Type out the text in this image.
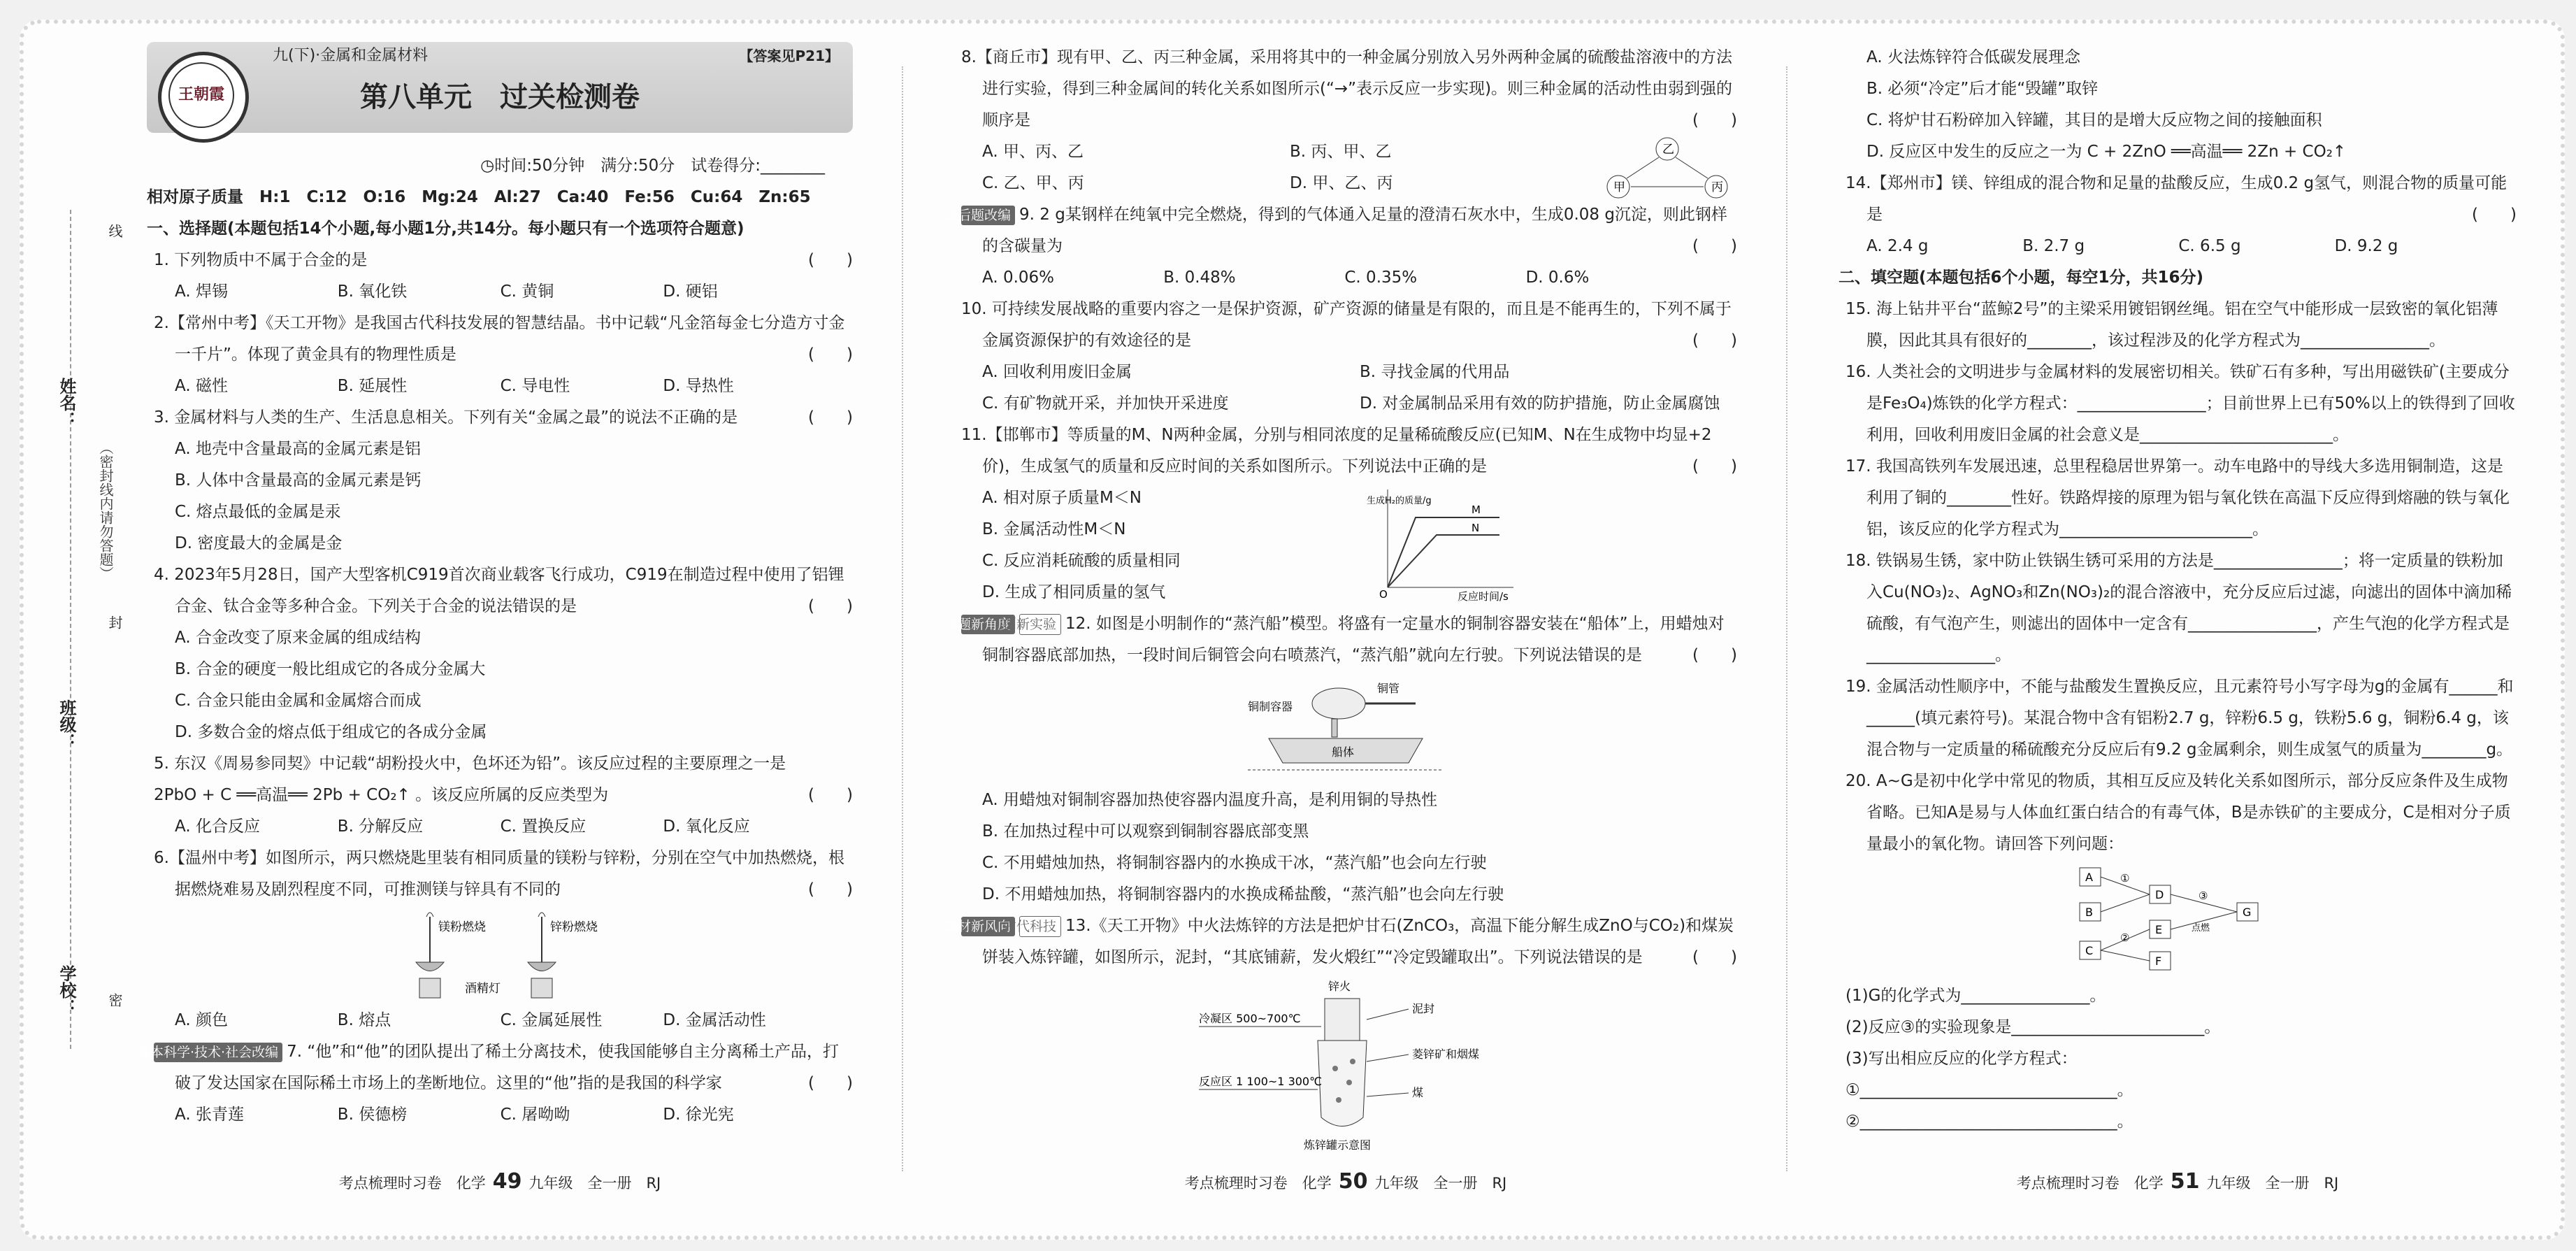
学校：
班级：
姓名：
线
封
密
（密封线内请勿答题）
王朝霞
九(下)·金属和金属材料	【答案见P21】
第八单元　过关检测卷
◷时间:50分钟　满分:50分　试卷得分:________
相对原子质量　H:1　C:12　O:16　Mg:24　Al:27　Ca:40　Fe:56　Cu:64　Zn:65
一、选择题(本题包括14个小题,每小题1分,共14分。每小题只有一个选项符合题意)

1. 下列物质中不属于合金的是	(　　)

A. 焊锡	B. 氧化铁	C. 黄铜	D. 硬铝

2.【常州中考】《天工开物》是我国古代科技发展的智慧结晶。书中记载“凡金箔每金七分造方寸金一千片”。体现了黄金具有的物理性质是	(　　)

A. 磁性	B. 延展性	C. 导电性	D. 导热性

3. 金属材料与人类的生产、生活息息相关。下列有关“金属之最”的说法不正确的是	(　　)

A. 地壳中含量最高的金属元素是铝
B. 人体中含量最高的金属元素是钙
C. 熔点最低的金属是汞
D. 密度最大的金属是金

4. 2023年5月28日，国产大型客机C919首次商业载客飞行成功，C919在制造过程中使用了铝锂合金、钛合金等多种合金。下列关于合金的说法错误的是	(　　)

A. 合金改变了原来金属的组成结构
B. 合金的硬度一般比组成它的各成分金属大
C. 合金只能由金属和金属熔合而成
D. 多数合金的熔点低于组成它的各成分金属

5. 东汉《周易参同契》中记载“胡粉投火中，色坏还为铅”。该反应过程的主要原理之一是

2PbO + C ══高温══ 2Pb + CO₂↑ 。该反应所属的反应类型为	(　　)

A. 化合反应	B. 分解反应	C. 置换反应	D. 氧化反应

6.【温州中考】如图所示，两只燃烧匙里装有相同质量的镁粉与锌粉，分别在空气中加热燃烧，根据燃烧难易及剧烈程度不同，可推测镁与锌具有不同的	(　　)

镁粉燃烧	锌粉燃烧
酒精灯
A. 颜色	B. 熔点	C. 金属延展性	D. 金属活动性

课本科学·技术·社会改编 7. “他”和“他”的团队提出了稀土分离技术，使我国能够自主分离稀土产品，打破了发达国家在国际稀土市场上的垄断地位。这里的“他”指的是我国的科学家	(　　)

A. 张青莲	B. 侯德榜	C. 屠呦呦	D. 徐光宪
考点梳理时习卷　化学 49 九年级　全一册　RJ

8.【商丘市】现有甲、乙、丙三种金属，采用将其中的一种金属分别放入另外两种金属的硫酸盐溶液中的方法进行实验，得到三种金属间的转化关系如图所示(“→”表示反应一步实现)。则三种金属的活动性由弱到强的顺序是	(　　)

A. 甲、丙、乙	B. 丙、甲、乙
C. 乙、甲、丙	D. 甲、乙、丙
乙
甲	丙

课后题改编 9. 2 g某钢样在纯氧中完全燃烧，得到的气体通入足量的澄清石灰水中，生成0.08 g沉淀，则此钢样的含碳量为	(　　)

A. 0.06%	B. 0.48%	C. 0.35%	D. 0.6%

10. 可持续发展战略的重要内容之一是保护资源，矿产资源的储量是有限的，而且是不能再生的，下列不属于金属资源保护的有效途径的是	(　　)

A. 回收利用废旧金属	B. 寻找金属的代用品
C. 有矿物就开采，并加快开采进度	D. 对金属制品采用有效的防护措施，防止金属腐蚀

11.【邯郸市】等质量的M、N两种金属，分别与相同浓度的足量稀硫酸反应(已知M、N在生成物中均显+2价)，生成氢气的质量和反应时间的关系如图所示。下列说法中正确的是	(　　)

A. 相对原子质量M＜N
B. 金属活动性M＜N
C. 反应消耗硫酸的质量相同
D. 生成了相同质量的氢气
生成H₂的质量/g
反应时间/s
O
M
N

设题新角度创新实验 12. 如图是小明制作的“蒸汽船”模型。将盛有一定量水的铜制容器安装在“船体”上，用蜡烛对铜制容器底部加热，一段时间后铜管会向右喷蒸汽，“蒸汽船”就向左行驶。下列说法错误的是	(　　)

铜管
铜制容器
船体
A. 用蜡烛对铜制容器加热使容器内温度升高，是利用铜的导热性
B. 在加热过程中可以观察到铜制容器底部变黑
C. 不用蜡烛加热，将铜制容器内的水换成干冰，“蒸汽船”也会向左行驶
D. 不用蜡烛加热，将铜制容器内的水换成稀盐酸，“蒸汽船”也会向左行驶

选材新风向古代科技 13.《天工开物》中火法炼锌的方法是把炉甘石(ZnCO₃，高温下能分解生成ZnO与CO₂)和煤炭饼装入炼锌罐，如图所示，泥封，“其底铺薪，发火煅红”“冷定毁罐取出”。下列说法错误的是	(　　)

锌火
泥封
冷凝区 500~700℃
反应区 1 100~1 300℃
菱锌矿和烟煤
煤
炼锌罐示意图
考点梳理时习卷　化学 50 九年级　全一册　RJ
A. 火法炼锌符合低碳发展理念
B. 必须“冷定”后才能“毁罐”取锌
C. 将炉甘石粉碎加入锌罐，其目的是增大反应物之间的接触面积
D. 反应区中发生的反应之一为 C + 2ZnO ══高温══ 2Zn + CO₂↑

14.【郑州市】镁、锌组成的混合物和足量的盐酸反应，生成0.2 g氢气，则混合物的质量可能是	(　　)

A. 2.4 g	B. 2.7 g	C. 6.5 g	D. 9.2 g
二、填空题(本题包括6个小题，每空1分，共16分)

15. 海上钻井平台“蓝鲸2号”的主梁采用镀铝钢丝绳。铝在空气中能形成一层致密的氧化铝薄膜，因此其具有很好的________，该过程涉及的化学方程式为________________。

16. 人类社会的文明进步与金属材料的发展密切相关。铁矿石有多种，写出用磁铁矿(主要成分是Fe₃O₄)炼铁的化学方程式：________________；目前世界上已有50%以上的铁得到了回收利用，回收利用废旧金属的社会意义是________________________。

17. 我国高铁列车发展迅速，总里程稳居世界第一。动车电路中的导线大多选用铜制造，这是利用了铜的________性好。铁路焊接的原理为铝与氧化铁在高温下反应得到熔融的铁与氧化铝，该反应的化学方程式为________________________。

18. 铁锅易生锈，家中防止铁锅生锈可采用的方法是________________；将一定质量的铁粉加入Cu(NO₃)₂、AgNO₃和Zn(NO₃)₂的混合溶液中，充分反应后过滤，向滤出的固体中滴加稀硫酸，有气泡产生，则滤出的固体中一定含有________________，产生气泡的化学方程式是________________。

19. 金属活动性顺序中，不能与盐酸发生置换反应，且元素符号小写字母为g的金属有______和______(填元素符号)。某混合物中含有铝粉2.7 g，锌粉6.5 g，铁粉5.6 g，铜粉6.4 g，该混合物与一定质量的稀硫酸充分反应后有9.2 g金属剩余，则生成氢气的质量为________g。

20. A~G是初中化学中常见的物质，其相互反应及转化关系如图所示，部分反应条件及生成物省略。已知A是易与人体血红蛋白结合的有毒气体，B是赤铁矿的主要成分，C是相对分子质量最小的氧化物。请回答下列问题：

A
B
C
D
E
F
G
①
②
③
点燃

(1)G的化学式为________________。

(2)反应③的实验现象是________________________。

(3)写出相应反应的化学方程式：

①________________________________。

②________________________________。

考点梳理时习卷　化学 51 九年级　全一册　RJ
